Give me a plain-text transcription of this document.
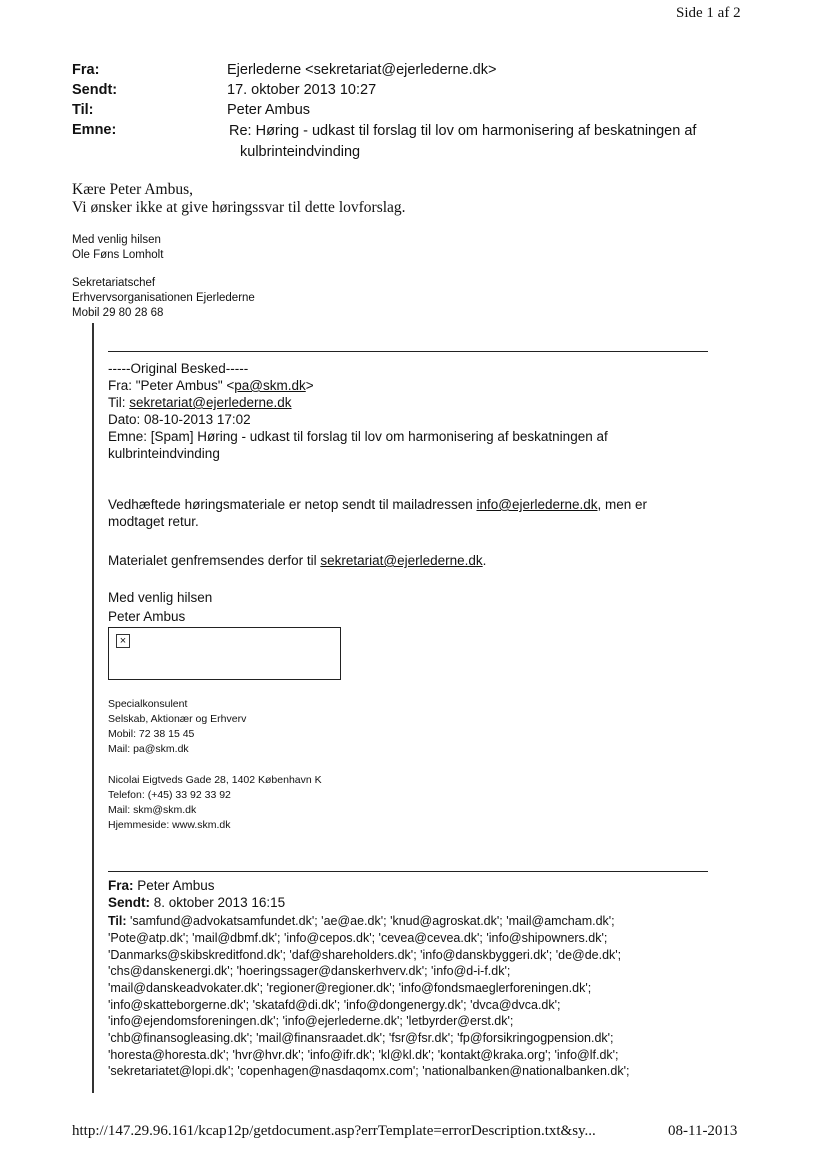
Side 1 af 2
Fra:	Ejerlederne <sekretariat@ejerlederne.dk>
Sendt:	17. oktober 2013 10:27
Til:	Peter Ambus
Emne:	Re: Høring - udkast til forslag til lov om harmonisering af beskatningen af
kulbrinteindvinding
Kære Peter Ambus,
Vi ønsker ikke at give høringssvar til dette lovforslag.
Med venlig hilsen
Ole Føns Lomholt
Sekretariatschef
Erhvervsorganisationen Ejerlederne
Mobil 29 80 28 68
-----Original Besked-----
Fra: "Peter Ambus" <pa@skm.dk>
Til: sekretariat@ejerlederne.dk
Dato: 08-10-2013 17:02
Emne: [Spam] Høring - udkast til forslag til lov om harmonisering af beskatningen af
kulbrinteindvinding
Vedhæftede høringsmateriale er netop sendt til mailadressen info@ejerlederne.dk, men er
modtaget retur.
Materialet genfremsendes derfor til sekretariat@ejerlederne.dk.
Med venlig hilsen
Peter Ambus
×
Specialkonsulent
Selskab, Aktionær og Erhverv
Mobil: 72 38 15 45
Mail: pa@skm.dk
Nicolai Eigtveds Gade 28, 1402 København K
Telefon: (+45) 33 92 33 92
Mail: skm@skm.dk
Hjemmeside: www.skm.dk
Fra: Peter Ambus
Sendt: 8. oktober 2013 16:15
Til: 'samfund@advokatsamfundet.dk'; 'ae@ae.dk'; 'knud@agroskat.dk'; 'mail@amcham.dk';
'Pote@atp.dk'; 'mail@dbmf.dk'; 'info@cepos.dk'; 'cevea@cevea.dk'; 'info@shipowners.dk';
'Danmarks@skibskreditfond.dk'; 'daf@shareholders.dk'; 'info@danskbyggeri.dk'; 'de@de.dk';
'chs@danskenergi.dk'; 'hoeringssager@danskerhverv.dk'; 'info@d-i-f.dk';
'mail@danskeadvokater.dk'; 'regioner@regioner.dk'; 'info@fondsmaeglerforeningen.dk';
'info@skatteborgerne.dk'; 'skatafd@di.dk'; 'info@dongenergy.dk'; 'dvca@dvca.dk';
'info@ejendomsforeningen.dk'; 'info@ejerlederne.dk'; 'letbyrder@erst.dk';
'chb@finansogleasing.dk'; 'mail@finansraadet.dk'; 'fsr@fsr.dk'; 'fp@forsikringogpension.dk';
'horesta@horesta.dk'; 'hvr@hvr.dk'; 'info@ifr.dk'; 'kl@kl.dk'; 'kontakt@kraka.org'; 'info@lf.dk';
'sekretariatet@lopi.dk'; 'copenhagen@nasdaqomx.com'; 'nationalbanken@nationalbanken.dk';
http://147.29.96.161/kcap12p/getdocument.asp?errTemplate=errorDescription.txt&sy...	08-11-2013
